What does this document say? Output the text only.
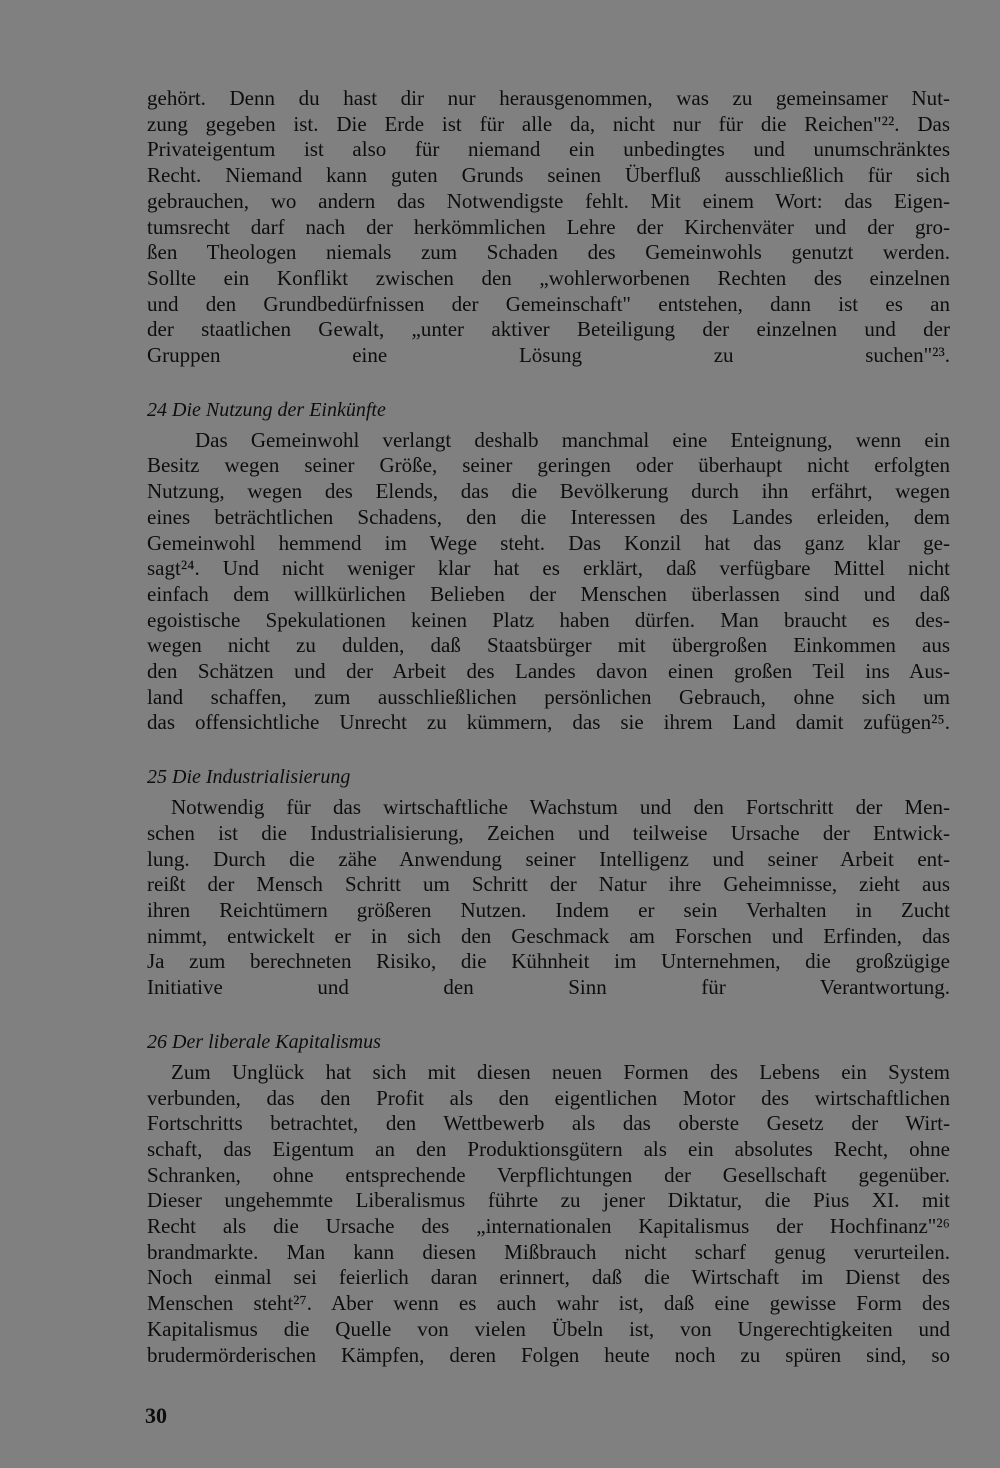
gehört. Denn du hast dir nur herausgenommen, was zu gemeinsamer Nut-
zung gegeben ist. Die Erde ist für alle da, nicht nur für die Reichen"²². Das
Privateigentum ist also für niemand ein unbedingtes und unumschränktes
Recht. Niemand kann guten Grunds seinen Überfluß ausschließlich für sich
gebrauchen, wo andern das Notwendigste fehlt. Mit einem Wort: das Eigen-
tumsrecht darf nach der herkömmlichen Lehre der Kirchenväter und der gro-
ßen Theologen niemals zum Schaden des Gemeinwohls genutzt werden.
Sollte ein Konflikt zwischen den „wohlerworbenen Rechten des einzelnen
und den Grundbedürfnissen der Gemeinschaft" entstehen, dann ist es an
der staatlichen Gewalt, „unter aktiver Beteiligung der einzelnen und der
Gruppen eine Lösung zu suchen"²³.
24 Die Nutzung der Einkünfte
Das Gemeinwohl verlangt deshalb manchmal eine Enteignung, wenn ein
Besitz wegen seiner Größe, seiner geringen oder überhaupt nicht erfolgten
Nutzung, wegen des Elends, das die Bevölkerung durch ihn erfährt, wegen
eines beträchtlichen Schadens, den die Interessen des Landes erleiden, dem
Gemeinwohl hemmend im Wege steht. Das Konzil hat das ganz klar ge-
sagt²⁴. Und nicht weniger klar hat es erklärt, daß verfügbare Mittel nicht
einfach dem willkürlichen Belieben der Menschen überlassen sind und daß
egoistische Spekulationen keinen Platz haben dürfen. Man braucht es des-
wegen nicht zu dulden, daß Staatsbürger mit übergroßen Einkommen aus
den Schätzen und der Arbeit des Landes davon einen großen Teil ins Aus-
land schaffen, zum ausschließlichen persönlichen Gebrauch, ohne sich um
das offensichtliche Unrecht zu kümmern, das sie ihrem Land damit zufügen²⁵.
25 Die Industrialisierung
Notwendig für das wirtschaftliche Wachstum und den Fortschritt der Men-
schen ist die Industrialisierung, Zeichen und teilweise Ursache der Entwick-
lung. Durch die zähe Anwendung seiner Intelligenz und seiner Arbeit ent-
reißt der Mensch Schritt um Schritt der Natur ihre Geheimnisse, zieht aus
ihren Reichtümern größeren Nutzen. Indem er sein Verhalten in Zucht
nimmt, entwickelt er in sich den Geschmack am Forschen und Erfinden, das
Ja zum berechneten Risiko, die Kühnheit im Unternehmen, die großzügige
Initiative und den Sinn für Verantwortung.
26 Der liberale Kapitalismus
Zum Unglück hat sich mit diesen neuen Formen des Lebens ein System
verbunden, das den Profit als den eigentlichen Motor des wirtschaftlichen
Fortschritts betrachtet, den Wettbewerb als das oberste Gesetz der Wirt-
schaft, das Eigentum an den Produktionsgütern als ein absolutes Recht, ohne
Schranken, ohne entsprechende Verpflichtungen der Gesellschaft gegenüber.
Dieser ungehemmte Liberalismus führte zu jener Diktatur, die Pius XI. mit
Recht als die Ursache des „internationalen Kapitalismus der Hochfinanz"²⁶
brandmarkte. Man kann diesen Mißbrauch nicht scharf genug verurteilen.
Noch einmal sei feierlich daran erinnert, daß die Wirtschaft im Dienst des
Menschen steht²⁷. Aber wenn es auch wahr ist, daß eine gewisse Form des
Kapitalismus die Quelle von vielen Übeln ist, von Ungerechtigkeiten und
brudermörderischen Kämpfen, deren Folgen heute noch zu spüren sind, so
30
